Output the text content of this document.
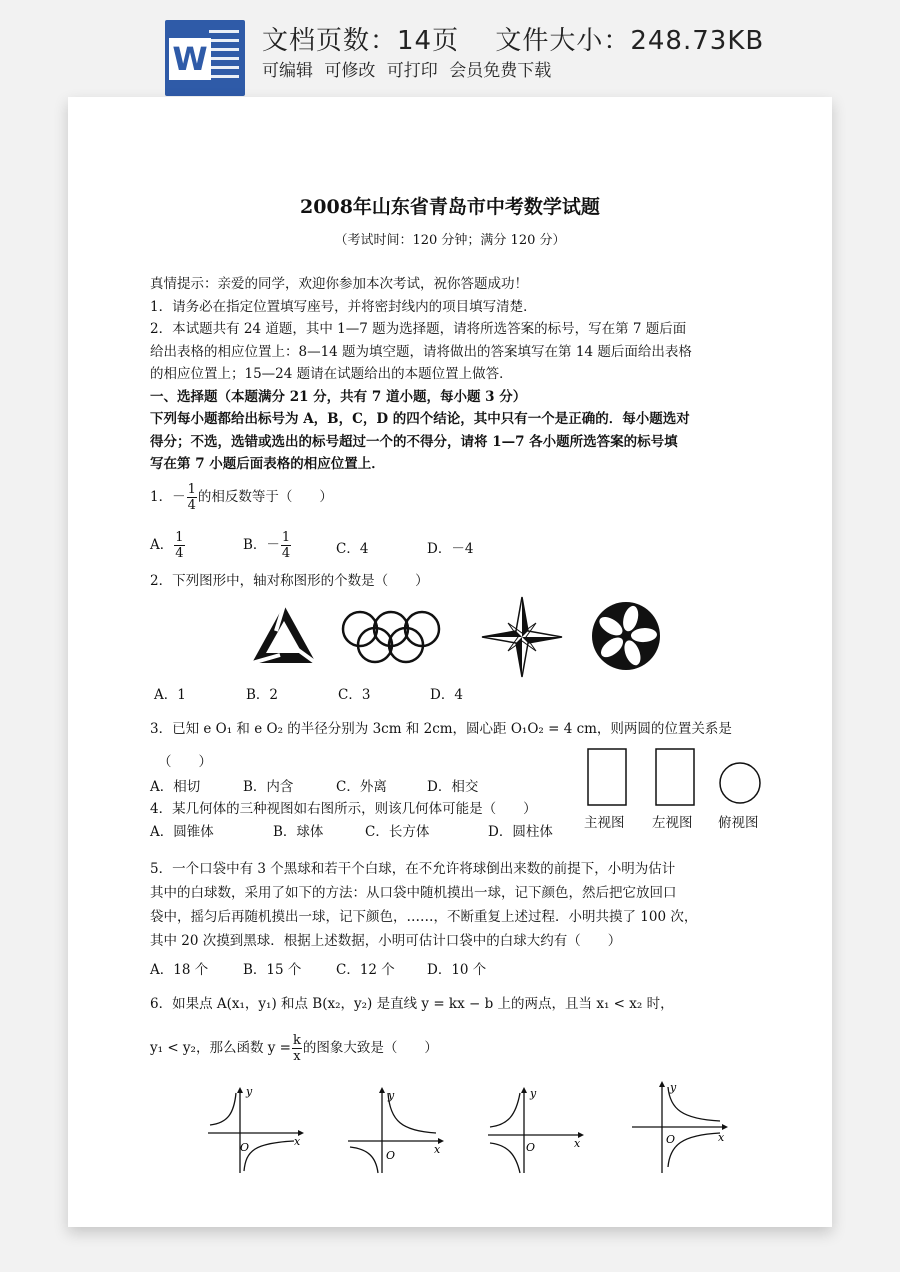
W 文档页数：14页　 文件大小：248.73KB
可编辑 可修改 可打印 会员免费下载
2008年山东省青岛市中考数学试题
（考试时间：120 分钟；满分 120 分）
真情提示：亲爱的同学，欢迎你参加本次考试，祝你答题成功！
1．请务必在指定位置填写座号，并将密封线内的项目填写清楚．
2．本试题共有 24 道题，其中 1—7 题为选择题，请将所选答案的标号，写在第 7 题后面
给出表格的相应位置上：8—14 题为填空题，请将做出的答案填写在第 14 题后面给出表格
的相应位置上；15—24 题请在试题给出的本题位置上做答．
一、选择题（本题满分 21 分，共有 7 道小题，每小题 3 分）
下列每小题都给出标号为 A，B，C，D 的四个结论，其中只有一个是正确的．每小题选对
得分；不选，选错或选出的标号超过一个的不得分，请将 1—7 各小题所选答案的标号填
写在第 7 小题后面表格的相应位置上．
1．－ $\frac{1}{4}$ 的相反数等于（　　）
A． $\frac{1}{4}$	B．－ $\frac{1}{4}$	C．4	D．－4
2．下列图形中，轴对称图形的个数是（　　）
A．1	B．2	C．3	D．4
3．已知 e O₁ 和 e O₂ 的半径分别为 3cm 和 2cm，圆心距 O₁O₂ = 4 cm，则两圆的位置关系是
（　　）
A．相切	B．内含	C．外离	D．相交
主视图 左视图 俯视图
4．某几何体的三种视图如右图所示，则该几何体可能是（　　）
A．圆锥体	B．球体	C．长方体	D．圆柱体
5．一个口袋中有 3 个黑球和若干个白球，在不允许将球倒出来数的前提下，小明为估计
其中的白球数，采用了如下的方法：从口袋中随机摸出一球，记下颜色，然后把它放回口
袋中，摇匀后再随机摸出一球，记下颜色，……，不断重复上述过程．小明共摸了 100 次，
其中 20 次摸到黑球．根据上述数据，小明可估计口袋中的白球大约有（　　）
A．18 个	B．15 个	C．12 个 D．10 个
6．如果点 A(x₁，y₁) 和点 B(x₂，y₂) 是直线 y = kx − b 上的两点，且当 x₁ < x₂ 时，
y₁ < y₂，那么函数 $y = \frac{k}{x}$ 的图象大致是（　　）
y
x
O
y
x
O
y
x
O
y
x
O
